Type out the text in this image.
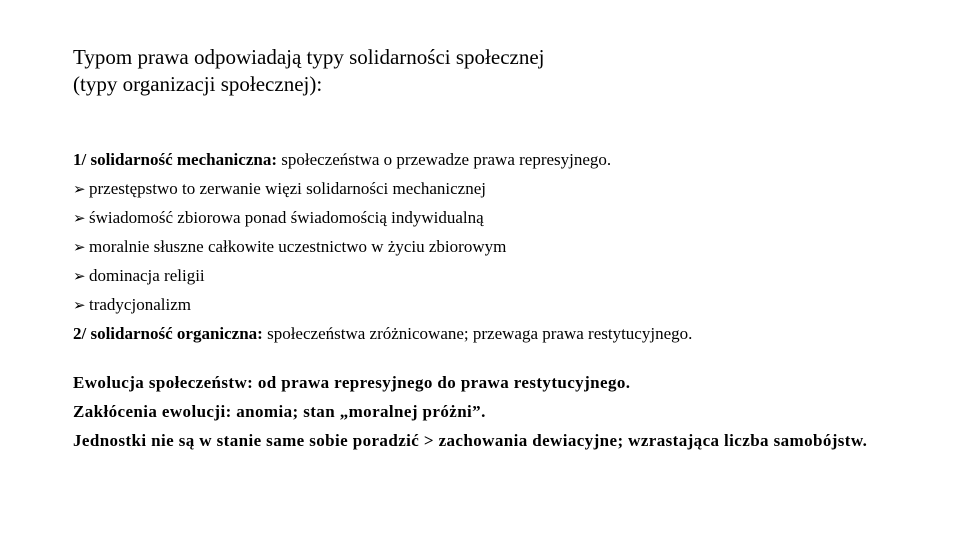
Typom prawa odpowiadają typy solidarności społecznej
(typy organizacji społecznej):
1/ solidarność mechaniczna: społeczeństwa o przewadze prawa represyjnego.
➢ przestępstwo to zerwanie więzi solidarności mechanicznej
➢ świadomość zbiorowa ponad świadomością indywidualną
➢ moralnie słuszne całkowite uczestnictwo w życiu zbiorowym
➢ dominacja religii
➢ tradycjonalizm
2/ solidarność organiczna: społeczeństwa zróżnicowane; przewaga prawa restytucyjnego.
Ewolucja społeczeństw: od prawa represyjnego do prawa restytucyjnego.
Zakłócenia ewolucji: anomia; stan „moralnej próżni”.
Jednostki nie są w stanie same sobie poradzić > zachowania dewiacyjne; wzrastająca liczba samobójstw.
